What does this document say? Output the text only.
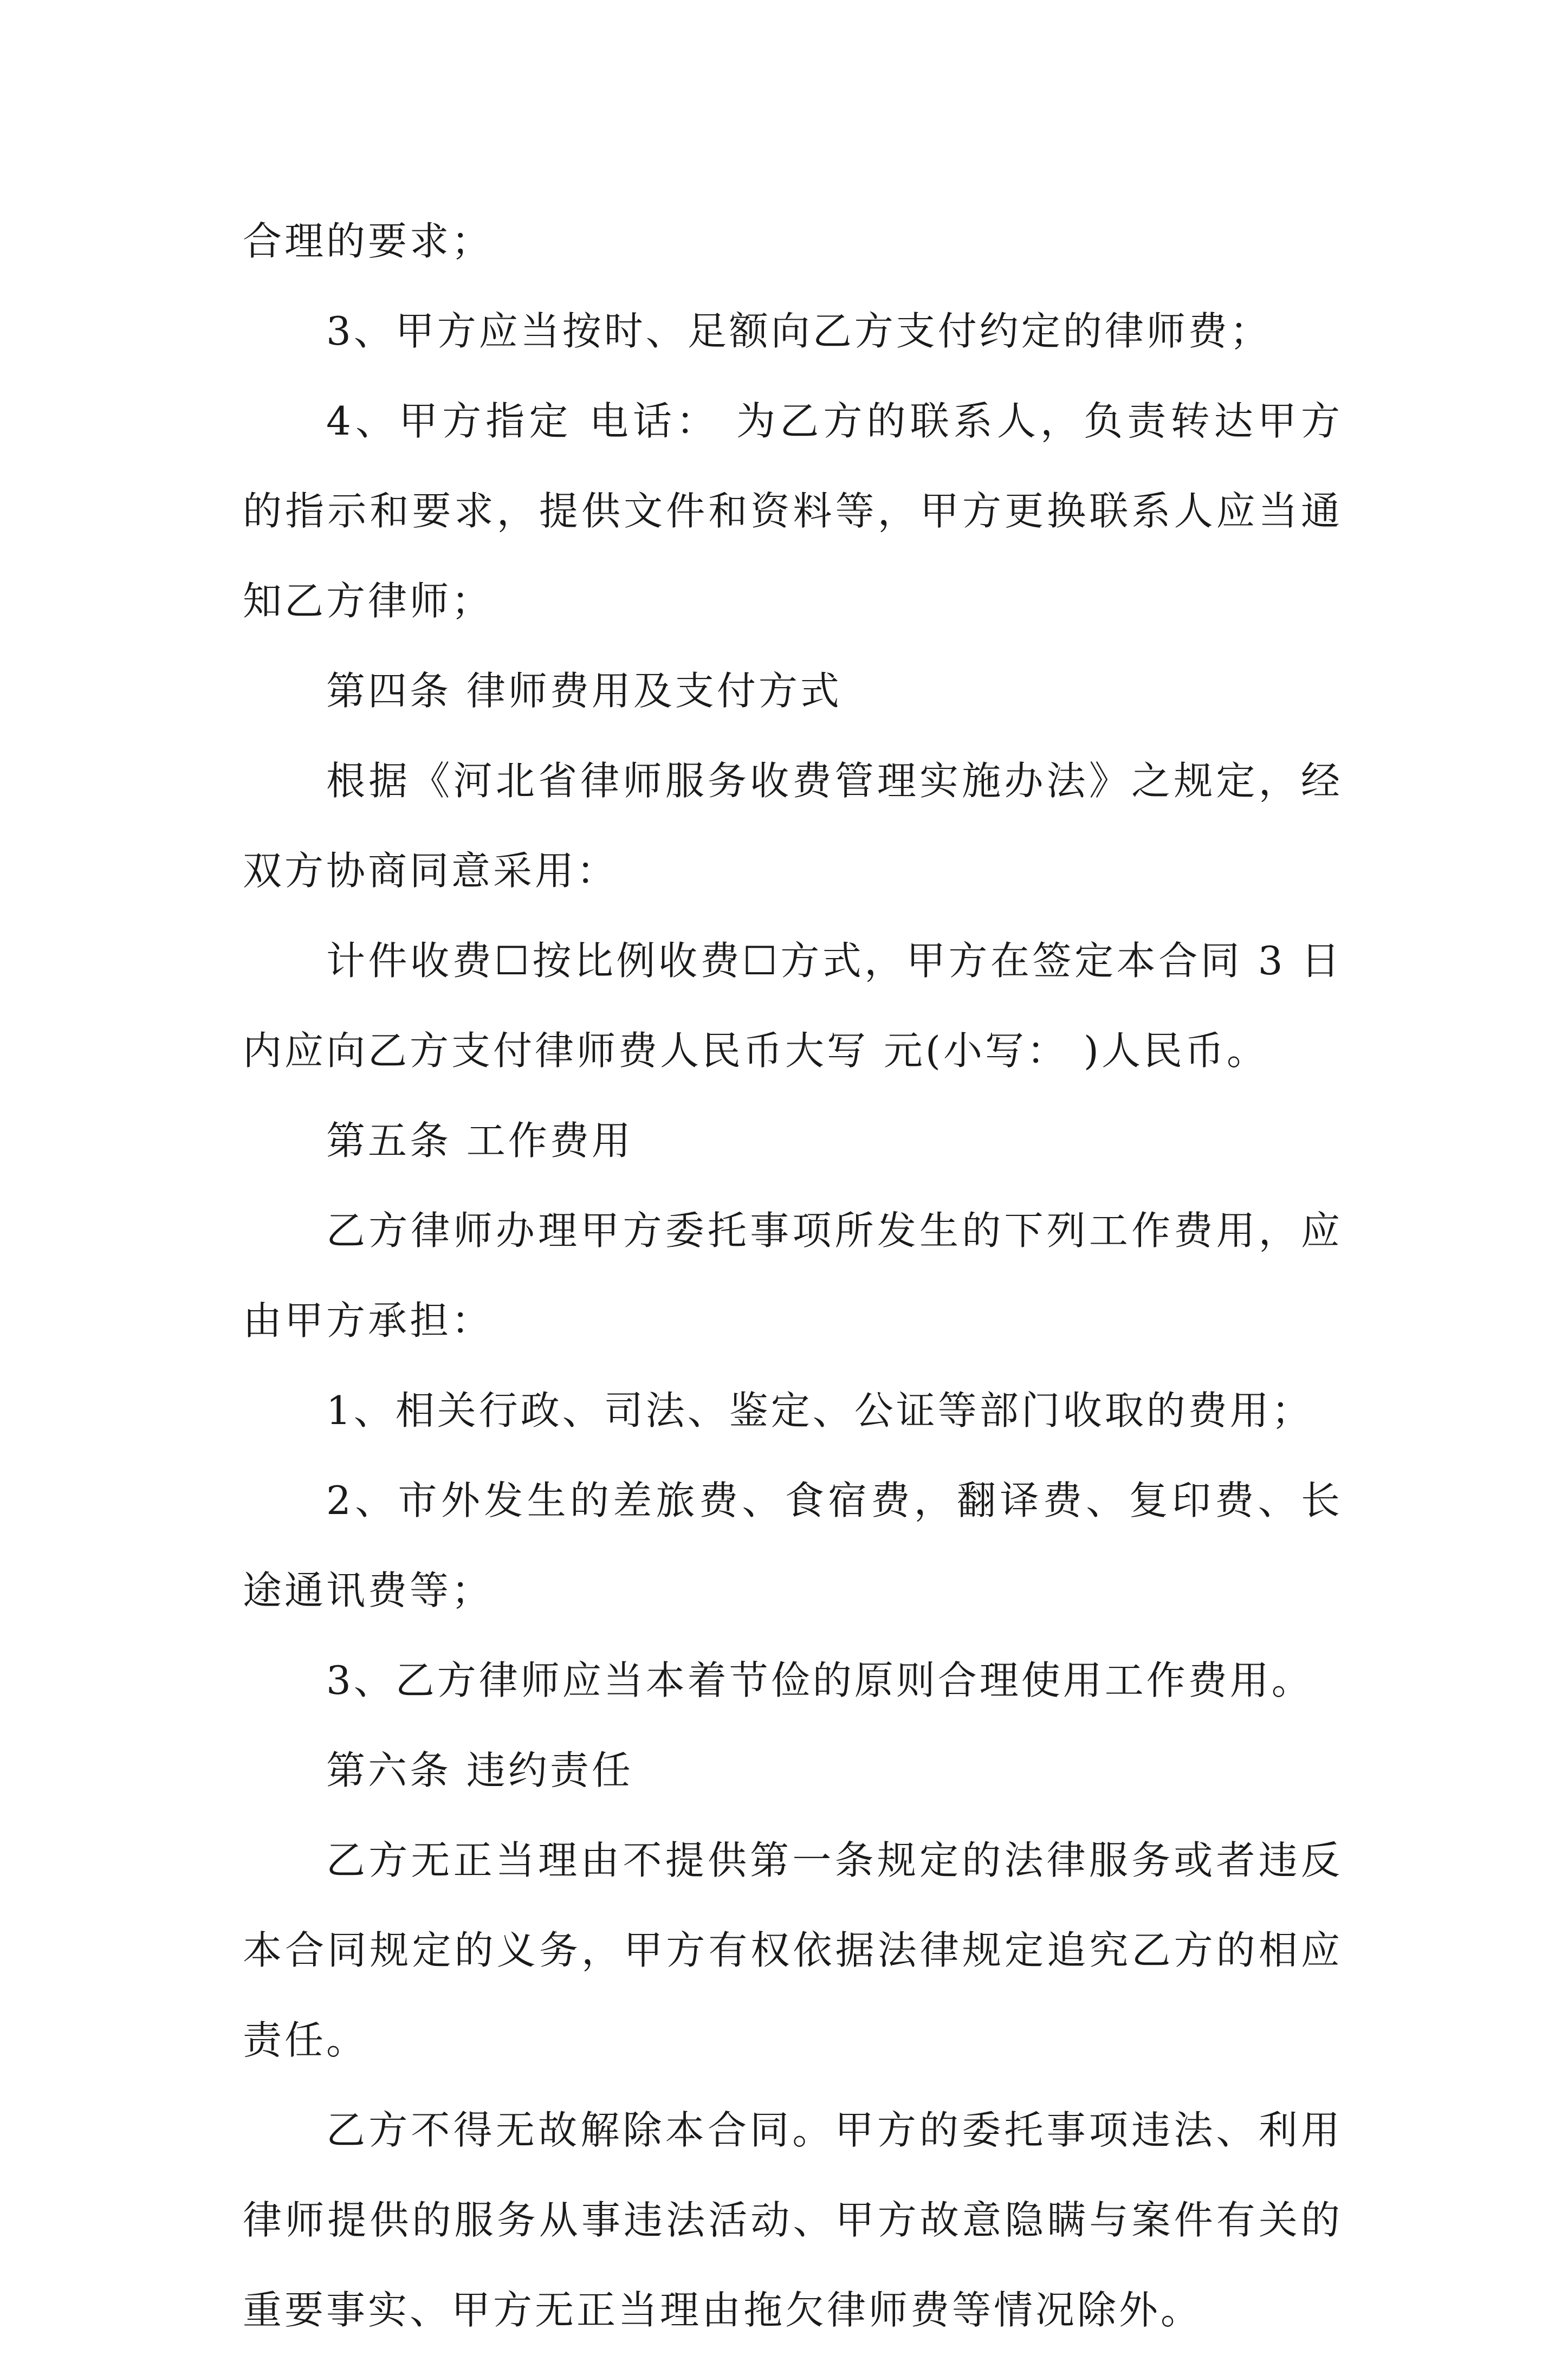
合理的要求；

3、甲方应当按时、足额向乙方支付约定的律师费；

4、甲方指定 电话： 为乙方的联系人，负责转达甲方的指示和要求，提供文件和资料等，甲方更换联系人应当通知乙方律师；

第四条 律师费用及支付方式

根据《河北省律师服务收费管理实施办法》之规定，经双方协商同意采用：

计件收费☐按比例收费☐方式，甲方在签定本合同 3 日内应向乙方支付律师费人民币大写 元(小写： )人民币。

第五条 工作费用

乙方律师办理甲方委托事项所发生的下列工作费用，应由甲方承担：

1、相关行政、司法、鉴定、公证等部门收取的费用；

2、市外发生的差旅费、食宿费，翻译费、复印费、长途通讯费等；

3、乙方律师应当本着节俭的原则合理使用工作费用。

第六条 违约责任

乙方无正当理由不提供第一条规定的法律服务或者违反本合同规定的义务，甲方有权依据法律规定追究乙方的相应责任。

乙方不得无故解除本合同。甲方的委托事项违法、利用律师提供的服务从事违法活动、甲方故意隐瞒与案件有关的重要事实、甲方无正当理由拖欠律师费等情况除外。
